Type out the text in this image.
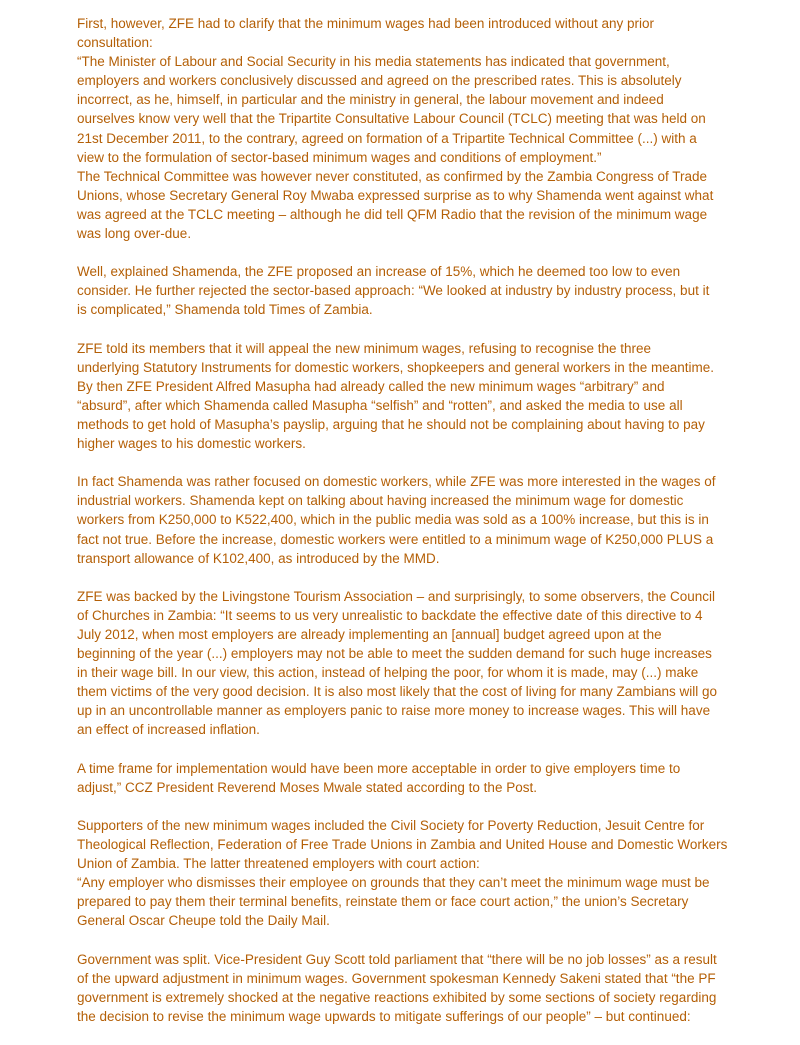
First, however, ZFE had to clarify that the minimum wages had been introduced without any prior
consultation:
“The Minister of Labour and Social Security in his media statements has indicated that government,
employers and workers conclusively discussed and agreed on the prescribed rates. This is absolutely
incorrect, as he, himself, in particular and the ministry in general, the labour movement and indeed
ourselves know very well that the Tripartite Consultative Labour Council (TCLC) meeting that was held on
21st December 2011, to the contrary, agreed on formation of a Tripartite Technical Committee (...) with a
view to the formulation of sector-based minimum wages and conditions of employment.”
The Technical Committee was however never constituted, as confirmed by the Zambia Congress of Trade
Unions, whose Secretary General Roy Mwaba expressed surprise as to why Shamenda went against what
was agreed at the TCLC meeting – although he did tell QFM Radio that the revision of the minimum wage
was long over-due.
Well, explained Shamenda, the ZFE proposed an increase of 15%, which he deemed too low to even
consider. He further rejected the sector-based approach: “We looked at industry by industry process, but it
is complicated,” Shamenda told Times of Zambia.
ZFE told its members that it will appeal the new minimum wages, refusing to recognise the three
underlying Statutory Instruments for domestic workers, shopkeepers and general workers in the meantime.
By then ZFE President Alfred Masupha had already called the new minimum wages “arbitrary” and
“absurd”, after which Shamenda called Masupha “selfish” and “rotten”, and asked the media to use all
methods to get hold of Masupha’s payslip, arguing that he should not be complaining about having to pay
higher wages to his domestic workers.
In fact Shamenda was rather focused on domestic workers, while ZFE was more interested in the wages of
industrial workers. Shamenda kept on talking about having increased the minimum wage for domestic
workers from K250,000 to K522,400, which in the public media was sold as a 100% increase, but this is in
fact not true. Before the increase, domestic workers were entitled to a minimum wage of K250,000 PLUS a
transport allowance of K102,400, as introduced by the MMD.
ZFE was backed by the Livingstone Tourism Association – and surprisingly, to some observers, the Council
of Churches in Zambia: “It seems to us very unrealistic to backdate the effective date of this directive to 4
July 2012, when most employers are already implementing an [annual] budget agreed upon at the
beginning of the year (...) employers may not be able to meet the sudden demand for such huge increases
in their wage bill. In our view, this action, instead of helping the poor, for whom it is made, may (...) make
them victims of the very good decision. It is also most likely that the cost of living for many Zambians will go
up in an uncontrollable manner as employers panic to raise more money to increase wages. This will have
an effect of increased inflation.
A time frame for implementation would have been more acceptable in order to give employers time to
adjust,” CCZ President Reverend Moses Mwale stated according to the Post.
Supporters of the new minimum wages included the Civil Society for Poverty Reduction, Jesuit Centre for
Theological Reflection, Federation of Free Trade Unions in Zambia and United House and Domestic Workers
Union of Zambia. The latter threatened employers with court action:
“Any employer who dismisses their employee on grounds that they can’t meet the minimum wage must be
prepared to pay them their terminal benefits, reinstate them or face court action,” the union’s Secretary
General Oscar Cheupe told the Daily Mail.
Government was split. Vice-President Guy Scott told parliament that “there will be no job losses” as a result
of the upward adjustment in minimum wages. Government spokesman Kennedy Sakeni stated that “the PF
government is extremely shocked at the negative reactions exhibited by some sections of society regarding
the decision to revise the minimum wage upwards to mitigate sufferings of our people” – but continued:
